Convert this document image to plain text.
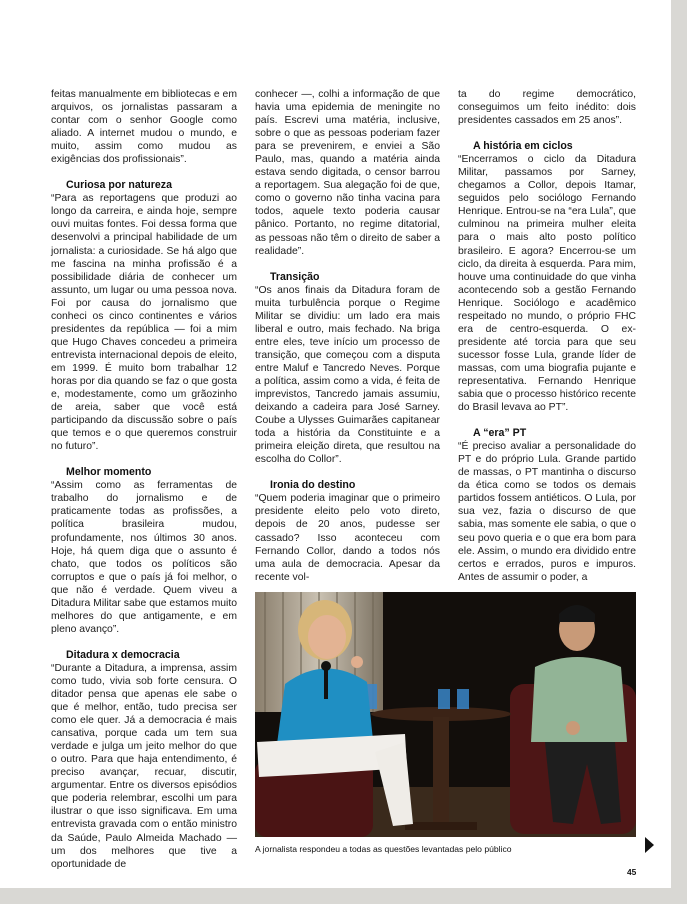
feitas manualmente em bibliotecas e em arquivos, os jornalistas passaram a contar com o senhor Google como aliado. A internet mudou o mundo, e muito, assim como mudou as exigências dos profissionais”.

Curiosa por natureza

“Para as reportagens que produzi ao longo da carreira, e ainda hoje, sempre ouvi muitas fontes. Foi dessa forma que desenvolvi a principal habilidade de um jornalista: a curiosidade. Se há algo que me fascina na minha profissão é a possibilidade diária de conhecer um assunto, um lugar ou uma pessoa nova. Foi por causa do jornalismo que conheci os cinco continentes e vários presidentes da república — foi a mim que Hugo Chaves concedeu a primeira entrevista internacional depois de eleito, em 1999. É muito bom trabalhar 12 horas por dia quando se faz o que gosta e, modestamente, como um grãozinho de areia, saber que você está participando da discussão sobre o país que temos e o que queremos construir no futuro”.

Melhor momento

“Assim como as ferramentas de trabalho do jornalismo e de praticamente todas as profissões, a política brasileira mudou, profundamente, nos últimos 30 anos. Hoje, há quem diga que o assunto é chato, que todos os políticos são corruptos e que o país já foi melhor, o que não é verdade. Quem viveu a Ditadura Militar sabe que estamos muito melhores do que antigamente, e em pleno avanço”.

Ditadura x democracia

“Durante a Ditadura, a imprensa, assim como tudo, vivia sob forte censura. O ditador pensa que apenas ele sabe o que é melhor, então, tudo precisa ser como ele quer. Já a democracia é mais cansativa, porque cada um tem sua verdade e julga um jeito melhor do que o outro. Para que haja entendimento, é preciso avançar, recuar, discutir, argumentar. Entre os diversos episódios que poderia relembrar, escolhi um para ilustrar o que isso significava. Em uma entrevista gravada com o então ministro da Saúde, Paulo Almeida Machado — um dos melhores que tive a oportunidade de

conhecer —, colhi a informação de que havia uma epidemia de meningite no país. Escrevi uma matéria, inclusive, sobre o que as pessoas poderiam fazer para se prevenirem, e enviei a São Paulo, mas, quando a matéria ainda estava sendo digitada, o censor barrou a reportagem. Sua alegação foi de que, como o governo não tinha vacina para todos, aquele texto poderia causar pânico. Portanto, no regime ditatorial, as pessoas não têm o direito de saber a realidade”.

Transição

“Os anos finais da Ditadura foram de muita turbulência porque o Regime Militar se dividiu: um lado era mais liberal e outro, mais fechado. Na briga entre eles, teve início um processo de transição, que começou com a disputa entre Maluf e Tancredo Neves. Porque a política, assim como a vida, é feita de imprevistos, Tancredo jamais assumiu, deixando a cadeira para José Sarney. Coube a Ulysses Guimarães capitanear toda a história da Constituinte e a primeira eleição direta, que resultou na escolha do Collor”.

Ironia do destino

“Quem poderia imaginar que o primeiro presidente eleito pelo voto direto, depois de 20 anos, pudesse ser cassado? Isso aconteceu com Fernando Collor, dando a todos nós uma aula de democracia. Apesar da recente vol-

ta do regime democrático, conseguimos um feito inédito: dois presidentes cassados em 25 anos”.

A história em ciclos

“Encerramos o ciclo da Ditadura Militar, passamos por Sarney, chegamos a Collor, depois Itamar, seguidos pelo sociólogo Fernando Henrique. Entrou-se na “era Lula”, que culminou na primeira mulher eleita para o mais alto posto político brasileiro. E agora? Encerrou-se um ciclo, da direita à esquerda. Para mim, houve uma continuidade do que vinha acontecendo sob a gestão Fernando Henrique. Sociólogo e acadêmico respeitado no mundo, o próprio FHC era de centro-esquerda. O ex-presidente até torcia para que seu sucessor fosse Lula, grande líder de massas, com uma biografia pujante e representativa. Fernando Henrique sabia que o processo histórico recente do Brasil levava ao PT”.

A “era” PT

“É preciso avaliar a personalidade do PT e do próprio Lula. Grande partido de massas, o PT mantinha o discurso da ética como se todos os demais partidos fossem antiéticos. O Lula, por sua vez, fazia o discurso de que sabia, mas somente ele sabia, o que o seu povo queria e o que era bom para ele. Assim, o mundo era dividido entre certos e errados, puros e impuros. Antes de assumir o poder, a

A jornalista respondeu a todas as questões levantadas pelo público
45
